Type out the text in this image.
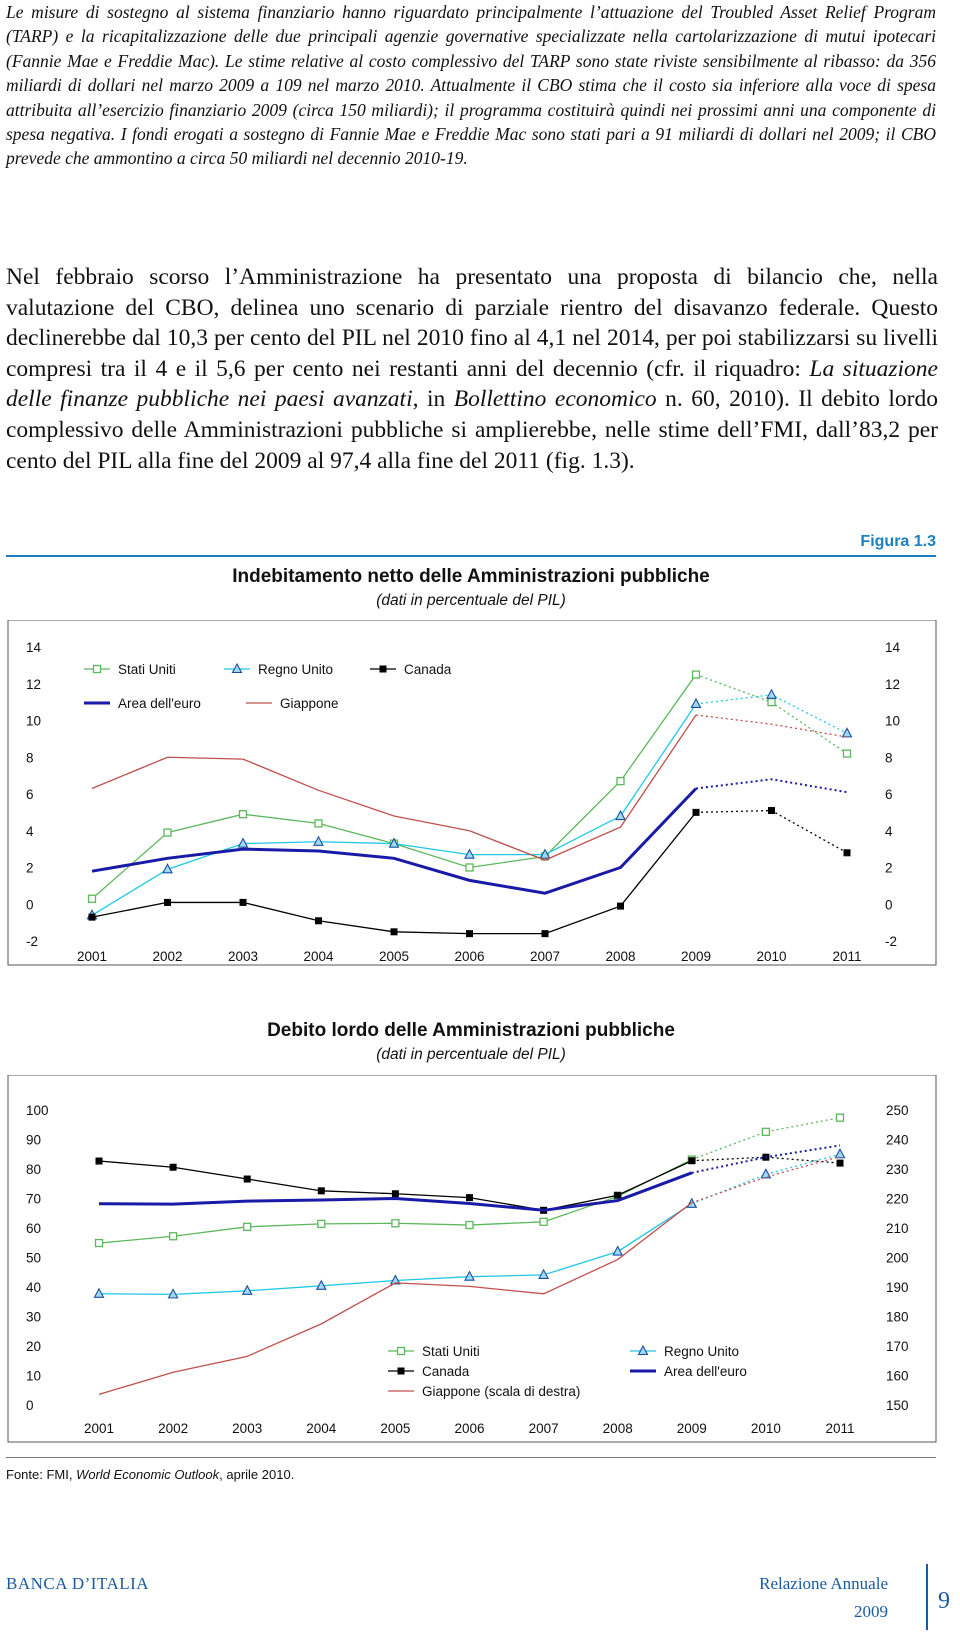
Le misure di sostegno al sistema finanziario hanno riguardato principalmente l’attuazione del Troubled Asset Relief Program (TARP) e la ricapitalizzazione delle due principali agenzie governative specializzate nella cartolarizzazione di mutui ipotecari (Fannie Mae e Freddie Mac). Le stime relative al costo complessivo del TARP sono state riviste sensibilmente al ribasso: da 356 miliardi di dollari nel marzo 2009 a 109 nel marzo 2010. Attualmente il CBO stima che il costo sia inferiore alla voce di spesa attribuita all’esercizio finanziario 2009 (circa 150 miliardi); il programma costituirà quindi nei prossimi anni una componente di spesa negativa. I fondi erogati a sostegno di Fannie Mae e Freddie Mac sono stati pari a 91 miliardi di dollari nel 2009; il CBO prevede che ammontino a circa 50 miliardi nel decennio 2010-19.
Nel febbraio scorso l’Amministrazione ha presentato una proposta di bilancio che, nella valutazione del CBO, delinea uno scenario di parziale rientro del disavanzo federale. Questo declinerebbe dal 10,3 per cento del PIL nel 2010 fino al 4,1 nel 2014, per poi stabilizzarsi su livelli compresi tra il 4 e il 5,6 per cento nei restanti anni del decennio (cfr. il riquadro: La situazione delle finanze pubbliche nei paesi avanzati, in Bollettino economico n. 60, 2010). Il debito lordo complessivo delle Amministrazioni pubbliche si amplierebbe, nelle stime dell’FMI, dall’83,2 per cento del PIL alla fine del 2009 al 97,4 alla fine del 2011 (fig. 1.3).
Figura 1.3
Indebitamento netto delle Amministrazioni pubbliche
(dati in percentuale del PIL)
-2
0
2
4
6
8
10
12
14
-2
0
2
4
6
8
10
12
14
2001	2002	2003	2004	2005	2006	2007	2008	2009	2010	2011
Stati Uniti	Regno Unito	Canada
Area dell'euro	Giappone
Debito lordo delle Amministrazioni pubbliche
(dati in percentuale del PIL)
0
10
20
30
40
50
60
70
80
90
100
150
160
170
180
190
200
210
220
230
240
250
2001	2002	2003	2004	2005	2006	2007	2008	2009	2010	2011
Stati Uniti	Regno Unito
Canada	Area dell'euro
Giappone (scala di destra)
Fonte: FMI, World Economic Outlook, aprile 2010.
BANCA D’ITALIA	Relazione Annuale
2009 9
